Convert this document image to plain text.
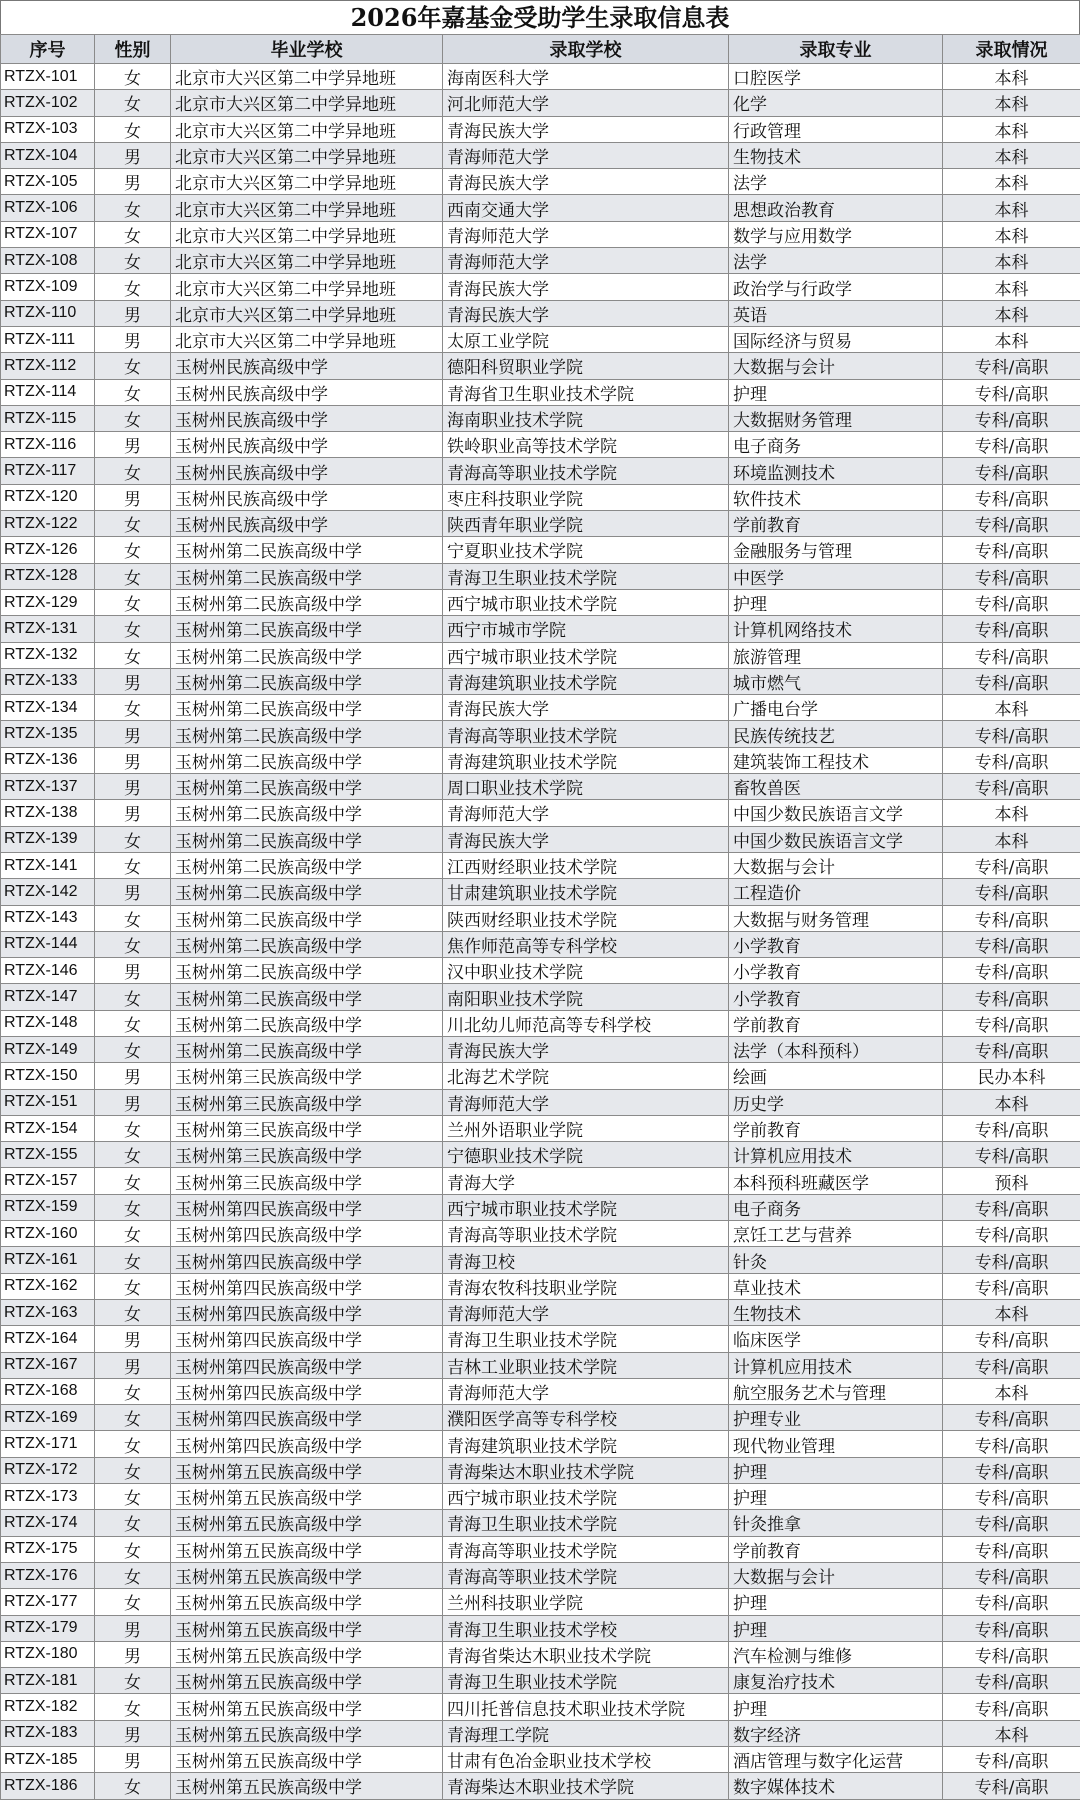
2026年嘉基金受助学生录取信息表
序号	性别	毕业学校	录取学校	录取专业	录取情况
RTZX-101	女	北京市大兴区第二中学异地班	海南医科大学	口腔医学	本科
RTZX-102	女	北京市大兴区第二中学异地班	河北师范大学	化学	本科
RTZX-103	女	北京市大兴区第二中学异地班	青海民族大学	行政管理	本科
RTZX-104	男	北京市大兴区第二中学异地班	青海师范大学	生物技术	本科
RTZX-105	男	北京市大兴区第二中学异地班	青海民族大学	法学	本科
RTZX-106	女	北京市大兴区第二中学异地班	西南交通大学	思想政治教育	本科
RTZX-107	女	北京市大兴区第二中学异地班	青海师范大学	数学与应用数学	本科
RTZX-108	女	北京市大兴区第二中学异地班	青海师范大学	法学	本科
RTZX-109	女	北京市大兴区第二中学异地班	青海民族大学	政治学与行政学	本科
RTZX-110	男	北京市大兴区第二中学异地班	青海民族大学	英语	本科
RTZX-111	男	北京市大兴区第二中学异地班	太原工业学院	国际经济与贸易	本科
RTZX-112	女	玉树州民族高级中学	德阳科贸职业学院	大数据与会计	专科/高职
RTZX-114	女	玉树州民族高级中学	青海省卫生职业技术学院	护理	专科/高职
RTZX-115	女	玉树州民族高级中学	海南职业技术学院	大数据财务管理	专科/高职
RTZX-116	男	玉树州民族高级中学	铁岭职业高等技术学院	电子商务	专科/高职
RTZX-117	女	玉树州民族高级中学	青海高等职业技术学院	环境监测技术	专科/高职
RTZX-120	男	玉树州民族高级中学	枣庄科技职业学院	软件技术	专科/高职
RTZX-122	女	玉树州民族高级中学	陕西青年职业学院	学前教育	专科/高职
RTZX-126	女	玉树州第二民族高级中学	宁夏职业技术学院	金融服务与管理	专科/高职
RTZX-128	女	玉树州第二民族高级中学	青海卫生职业技术学院	中医学	专科/高职
RTZX-129	女	玉树州第二民族高级中学	西宁城市职业技术学院	护理	专科/高职
RTZX-131	女	玉树州第二民族高级中学	西宁市城市学院	计算机网络技术	专科/高职
RTZX-132	女	玉树州第二民族高级中学	西宁城市职业技术学院	旅游管理	专科/高职
RTZX-133	男	玉树州第二民族高级中学	青海建筑职业技术学院	城市燃气	专科/高职
RTZX-134	女	玉树州第二民族高级中学	青海民族大学	广播电台学	本科
RTZX-135	男	玉树州第二民族高级中学	青海高等职业技术学院	民族传统技艺	专科/高职
RTZX-136	男	玉树州第二民族高级中学	青海建筑职业技术学院	建筑装饰工程技术	专科/高职
RTZX-137	男	玉树州第二民族高级中学	周口职业技术学院	畜牧兽医	专科/高职
RTZX-138	男	玉树州第二民族高级中学	青海师范大学	中国少数民族语言文学	本科
RTZX-139	女	玉树州第二民族高级中学	青海民族大学	中国少数民族语言文学	本科
RTZX-141	女	玉树州第二民族高级中学	江西财经职业技术学院	大数据与会计	专科/高职
RTZX-142	男	玉树州第二民族高级中学	甘肃建筑职业技术学院	工程造价	专科/高职
RTZX-143	女	玉树州第二民族高级中学	陕西财经职业技术学院	大数据与财务管理	专科/高职
RTZX-144	女	玉树州第二民族高级中学	焦作师范高等专科学校	小学教育	专科/高职
RTZX-146	男	玉树州第二民族高级中学	汉中职业技术学院	小学教育	专科/高职
RTZX-147	女	玉树州第二民族高级中学	南阳职业技术学院	小学教育	专科/高职
RTZX-148	女	玉树州第二民族高级中学	川北幼儿师范高等专科学校	学前教育	专科/高职
RTZX-149	女	玉树州第二民族高级中学	青海民族大学	法学（本科预科）	专科/高职
RTZX-150	男	玉树州第三民族高级中学	北海艺术学院	绘画	民办本科
RTZX-151	男	玉树州第三民族高级中学	青海师范大学	历史学	本科
RTZX-154	女	玉树州第三民族高级中学	兰州外语职业学院	学前教育	专科/高职
RTZX-155	女	玉树州第三民族高级中学	宁德职业技术学院	计算机应用技术	专科/高职
RTZX-157	女	玉树州第三民族高级中学	青海大学	本科预科班藏医学	预科
RTZX-159	女	玉树州第四民族高级中学	西宁城市职业技术学院	电子商务	专科/高职
RTZX-160	女	玉树州第四民族高级中学	青海高等职业技术学院	烹饪工艺与营养	专科/高职
RTZX-161	女	玉树州第四民族高级中学	青海卫校	针灸	专科/高职
RTZX-162	女	玉树州第四民族高级中学	青海农牧科技职业学院	草业技术	专科/高职
RTZX-163	女	玉树州第四民族高级中学	青海师范大学	生物技术	本科
RTZX-164	男	玉树州第四民族高级中学	青海卫生职业技术学院	临床医学	专科/高职
RTZX-167	男	玉树州第四民族高级中学	吉林工业职业技术学院	计算机应用技术	专科/高职
RTZX-168	女	玉树州第四民族高级中学	青海师范大学	航空服务艺术与管理	本科
RTZX-169	女	玉树州第四民族高级中学	濮阳医学高等专科学校	护理专业	专科/高职
RTZX-171	女	玉树州第四民族高级中学	青海建筑职业技术学院	现代物业管理	专科/高职
RTZX-172	女	玉树州第五民族高级中学	青海柴达木职业技术学院	护理	专科/高职
RTZX-173	女	玉树州第五民族高级中学	西宁城市职业技术学院	护理	专科/高职
RTZX-174	女	玉树州第五民族高级中学	青海卫生职业技术学院	针灸推拿	专科/高职
RTZX-175	女	玉树州第五民族高级中学	青海高等职业技术学院	学前教育	专科/高职
RTZX-176	女	玉树州第五民族高级中学	青海高等职业技术学院	大数据与会计	专科/高职
RTZX-177	女	玉树州第五民族高级中学	兰州科技职业学院	护理	专科/高职
RTZX-179	男	玉树州第五民族高级中学	青海卫生职业技术学校	护理	专科/高职
RTZX-180	男	玉树州第五民族高级中学	青海省柴达木职业技术学院	汽车检测与维修	专科/高职
RTZX-181	女	玉树州第五民族高级中学	青海卫生职业技术学院	康复治疗技术	专科/高职
RTZX-182	女	玉树州第五民族高级中学	四川托普信息技术职业技术学院	护理	专科/高职
RTZX-183	男	玉树州第五民族高级中学	青海理工学院	数字经济	本科
RTZX-185	男	玉树州第五民族高级中学	甘肃有色冶金职业技术学校	酒店管理与数字化运营	专科/高职
RTZX-186	女	玉树州第五民族高级中学	青海柴达木职业技术学院	数字媒体技术	专科/高职
